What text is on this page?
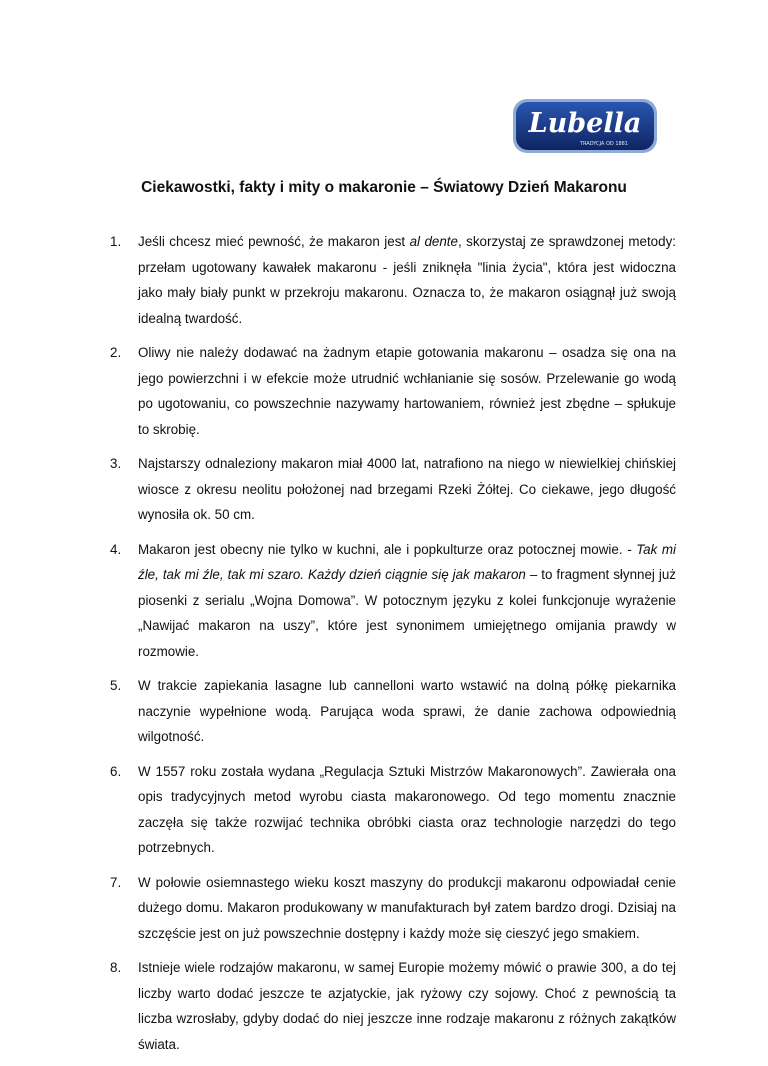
Lubella
TRADYCJA OD 1881
Ciekawostki, fakty i mity o makaronie – Światowy Dzień Makaronu
1. Jeśli chcesz mieć pewność, że makaron jest al dente, skorzystaj ze sprawdzonej metody: przełam ugotowany kawałek makaronu - jeśli zniknęła "linia życia", która jest widoczna jako mały biały punkt w przekroju makaronu. Oznacza to, że makaron osiągnął już swoją idealną twardość.
2. Oliwy nie należy dodawać na żadnym etapie gotowania makaronu – osadza się ona na jego powierzchni i w efekcie może utrudnić wchłanianie się sosów. Przelewanie go wodą po ugotowaniu, co powszechnie nazywamy hartowaniem, również jest zbędne – spłukuje to skrobię.
3. Najstarszy odnaleziony makaron miał 4000 lat, natrafiono na niego w niewielkiej chińskiej wiosce z okresu neolitu położonej nad brzegami Rzeki Żółtej. Co ciekawe, jego długość wynosiła ok. 50 cm.
4. Makaron jest obecny nie tylko w kuchni, ale i popkulturze oraz potocznej mowie. - Tak mi źle, tak mi źle, tak mi szaro. Każdy dzień ciągnie się jak makaron – to fragment słynnej już piosenki z serialu „Wojna Domowa”. W potocznym języku z kolei funkcjonuje wyrażenie „Nawijać makaron na uszy”, które jest synonimem umiejętnego omijania prawdy w rozmowie.
5. W trakcie zapiekania lasagne lub cannelloni warto wstawić na dolną półkę piekarnika naczynie wypełnione wodą. Parująca woda sprawi, że danie zachowa odpowiednią wilgotność.
6. W 1557 roku została wydana „Regulacja Sztuki Mistrzów Makaronowych”. Zawierała ona opis tradycyjnych metod wyrobu ciasta makaronowego. Od tego momentu znacznie zaczęła się także rozwijać technika obróbki ciasta oraz technologie narzędzi do tego potrzebnych.
7. W połowie osiemnastego wieku koszt maszyny do produkcji makaronu odpowiadał cenie dużego domu. Makaron produkowany w manufakturach był zatem bardzo drogi. Dzisiaj na szczęście jest on już powszechnie dostępny i każdy może się cieszyć jego smakiem.
8. Istnieje wiele rodzajów makaronu, w samej Europie możemy mówić o prawie 300, a do tej liczby warto dodać jeszcze te azjatyckie, jak ryżowy czy sojowy. Choć z pewnością ta liczba wzrosłaby, gdyby dodać do niej jeszcze inne rodzaje makaronu z różnych zakątków świata.
